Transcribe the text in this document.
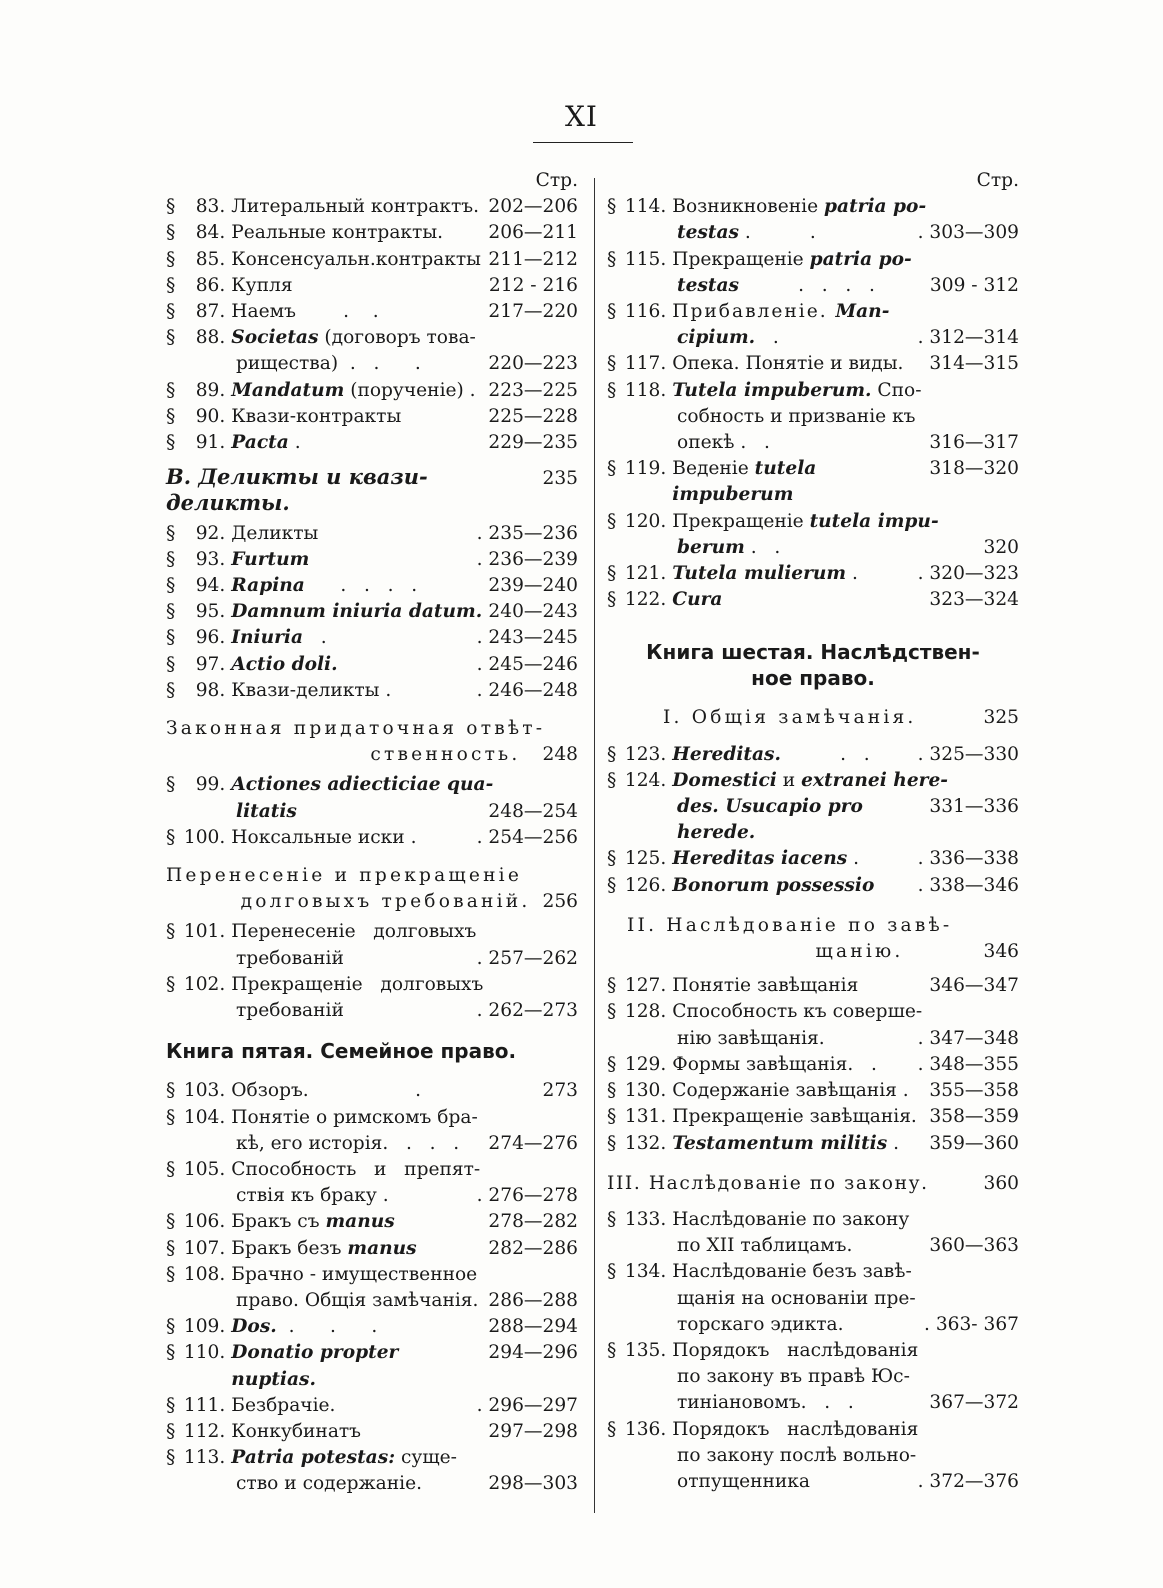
XI
Стр.
§ 83. Литеральный контрактъ. 202—206
§ 84. Реальные контракты.	206—211
§ 85. Консенсуальн.контракты 211—212
§ 86. Купля	212 - 216
§ 87. Наемъ        .    .	217—220
§ 88. Societas (договоръ това-
рищества)  .   .      .	220—223
§ 89. Mandatum (порученіе) . 223—225
§ 90. Квази-контракты	225—228
§ 91. Pacta .	229—235
В. Деликты и квази-деликты.
235
§ 92. Деликты	. 235—236
§ 93. Furtum	. 236—239
§ 94. Rapina      .   .   .   .	239—240
§ 95. Damnum iniuria datum. 240—243
§ 96. Iniuria   .	. 243—245
§ 97. Actio doli.	. 245—246
§ 98. Квази-деликты .	. 246—248
Законная придаточная отвѣт-
ственность. 248
§ 99. Actiones adiecticiae qua-
litatis	248—254
§ 100. Ноксальные иски .	. 254—256
Перенесеніе и прекращеніе
долговыхъ требованій. 256
§ 101. Перенесеніе   долговыхъ
требованій	. 257—262
§ 102. Прекращеніе   долговыхъ
требованій	. 262—273
Книга пятая. Семейное право.
§ 103. Обзоръ.                  .	273
§ 104. Понятіе о римскомъ бра-
кѣ, его исторія.   .   .   .	274—276
§ 105. Способность   и   препят-
ствія къ браку .	. 276—278
§ 106. Бракъ съ manus	278—282
§ 107. Бракъ безъ manus	282—286
§ 108. Брачно - имущественное
право. Общія замѣчанія. 286—288
§ 109. Dos.  .      .      .	288—294
§ 110. Donatio propter nuptias.
294—296
§ 111. Безбрачіе.	. 296—297
§ 112. Конкубинатъ	297—298
§ 113. Patria potestas: суще-
ство и содержаніе.	298—303
Стр.
§ 114. Возникновеніе patria po-
testas .          .	. 303—309
§ 115. Прекращеніе patria po-
testas          .   .   .   .	309 - 312
§ 116. Прибавленіе. Man-
cipium.   .	. 312—314
§ 117. Опека. Понятіе и виды.	314—315
§ 118. Tutela impuberum. Спо-
собность и призваніе къ
опекѣ .   .	316—317
§ 119. Веденіе tutela impuberum
318—320
§ 120. Прекращеніе tutela impu-
berum .   .	320
§ 121. Tutela mulierum .	. 320—323
§ 122. Cura	323—324
Книга шестая. Наслѣдствен-
ное право.
I. Общія замѣчанія.	325
§ 123. Hereditas.          .   .	. 325—330
§ 124. Domestici и extranei here-
des. Usucapio pro herede.
331—336
§ 125. Hereditas iacens .	. 336—338
§ 126. Bonorum possessio	. 338—346
II. Наслѣдованіе по завѣ-
щанію.	346
§ 127. Понятіе завѣщанія	346—347
§ 128. Способность къ соверше-
нію завѣщанія.	. 347—348
§ 129. Формы завѣщанія.   .	. 348—355
§ 130. Содержаніе завѣщанія .	355—358
§ 131. Прекращеніе завѣщанія. 358—359
§ 132. Testamentum militis .	359—360
III. Наслѣдованіе по закону.	360
§ 133. Наслѣдованіе по закону
по XII таблицамъ.	360—363
§ 134. Наслѣдованіе безъ завѣ-
щанія на основаніи пре-
торскаго эдикта.	. 363- 367
§ 135. Порядокъ   наслѣдованія
по закону въ правѣ Юс-
тиніановомъ.   .   .	367—372
§ 136. Порядокъ   наслѣдованія
по закону послѣ вольно-
отпущенника	. 372—376
